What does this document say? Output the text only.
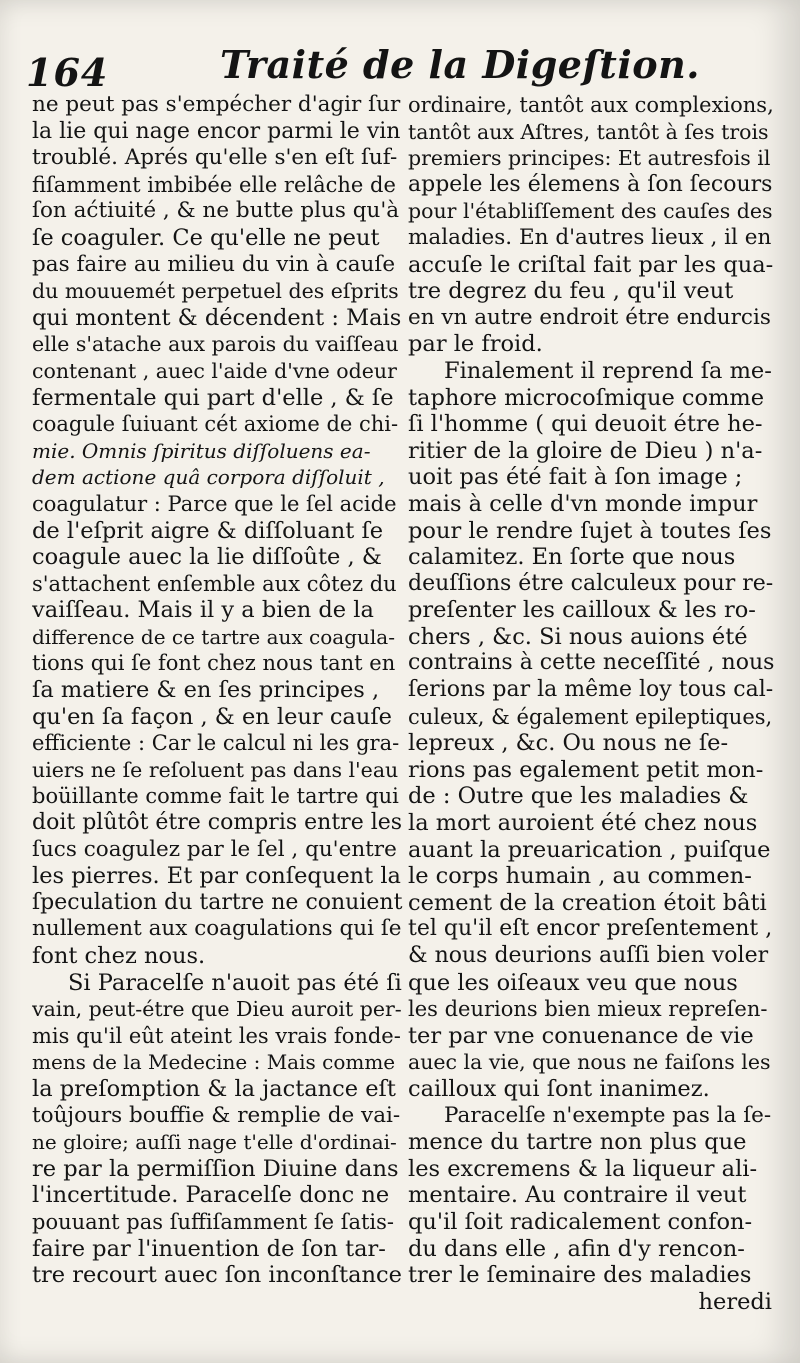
164	Traité de la Digeſtion.
ne peut pas s'empécher d'agir ſur
la lie qui nage encor parmi le vin
troublé. Aprés qu'elle s'en eſt ſuf-
fiſamment imbibée elle relâche de
ſon aćtiuité , & ne butte plus qu'à
ſe coaguler. Ce qu'elle ne peut
pas faire au milieu du vin à cauſe
du mouuemét perpetuel des eſprits
qui montent & décendent : Mais
elle s'atache aux parois du vaiſſeau
contenant , auec l'aide d'vne odeur
fermentale qui part d'elle , & ſe
coagule ſuiuant cét axiome de chi-
mie. Omnis ſpiritus diſſoluens ea-
dem actione quâ corpora diſſoluit ,
coagulatur : Parce que le ſel acide
de l'eſprit aigre & diſſoluant ſe
coagule auec la lie diſſoûte , &
s'attachent enſemble aux côtez du
vaiſſeau. Mais il y a bien de la
difference de ce tartre aux coagula-
tions qui ſe font chez nous tant en
ſa matiere & en ſes principes ,
qu'en ſa façon , & en leur cauſe
efficiente : Car le calcul ni les gra-
uiers ne ſe reſoluent pas dans l'eau
boüillante comme fait le tartre qui
doit plûtôt étre compris entre les
ſucs coagulez par le ſel , qu'entre
les pierres. Et par conſequent la
ſpeculation du tartre ne conuient
nullement aux coagulations qui ſe
font chez nous.
Si Paracelſe n'auoit pas été ſi
vain, peut-étre que Dieu auroit per-
mis qu'il eût ateint les vrais fonde-
mens de la Medecine : Mais comme
la preſomption & la jactance eſt
toûjours bouffie & remplie de vai-
ne gloire; auſſi nage t'elle d'ordinai-
re par la permiſſion Diuine dans
l'incertitude. Paracelſe donc ne
pouuant pas ſuffiſamment ſe ſatis-
faire par l'inuention de ſon tar-
tre recourt auec ſon inconſtance
ordinaire, tantôt aux complexions,
tantôt aux Aſtres, tantôt à ſes trois
premiers principes: Et autresfois il
appele les élemens à ſon ſecours
pour l'établiſſement des cauſes des
maladies. En d'autres lieux , il en
accuſe le criſtal fait par les qua-
tre degrez du feu , qu'il veut
en vn autre endroit étre endurcis
par le froid.
Finalement il reprend ſa me-
taphore microcoſmique comme
ſi l'homme ( qui deuoit étre he-
ritier de la gloire de Dieu ) n'a-
uoit pas été fait à ſon image ;
mais à celle d'vn monde impur
pour le rendre ſujet à toutes ſes
calamitez. En ſorte que nous
deuſſions étre calculeux pour re-
preſenter les cailloux & les ro-
chers , &c. Si nous auions été
contrains à cette neceſſité , nous
ſerions par la même loy tous cal-
culeux, & également epileptiques,
lepreux , &c. Ou nous ne ſe-
rions pas egalement petit mon-
de : Outre que les maladies &
la mort auroient été chez nous
auant la preuarication , puiſque
le corps humain , au commen-
cement de la creation étoit bâti
tel qu'il eſt encor preſentement ,
& nous deurions auſſi bien voler
que les oiſeaux veu que nous
les deurions bien mieux repreſen-
ter par vne conuenance de vie
auec la vie, que nous ne faiſons les
cailloux qui ſont inanimez.
Paracelſe n'exempte pas la ſe-
mence du tartre non plus que
les excremens & la liqueur ali-
mentaire. Au contraire il veut
qu'il ſoit radicalement confon-
du dans elle , afin d'y rencon-
trer le ſeminaire des maladies
heredi
